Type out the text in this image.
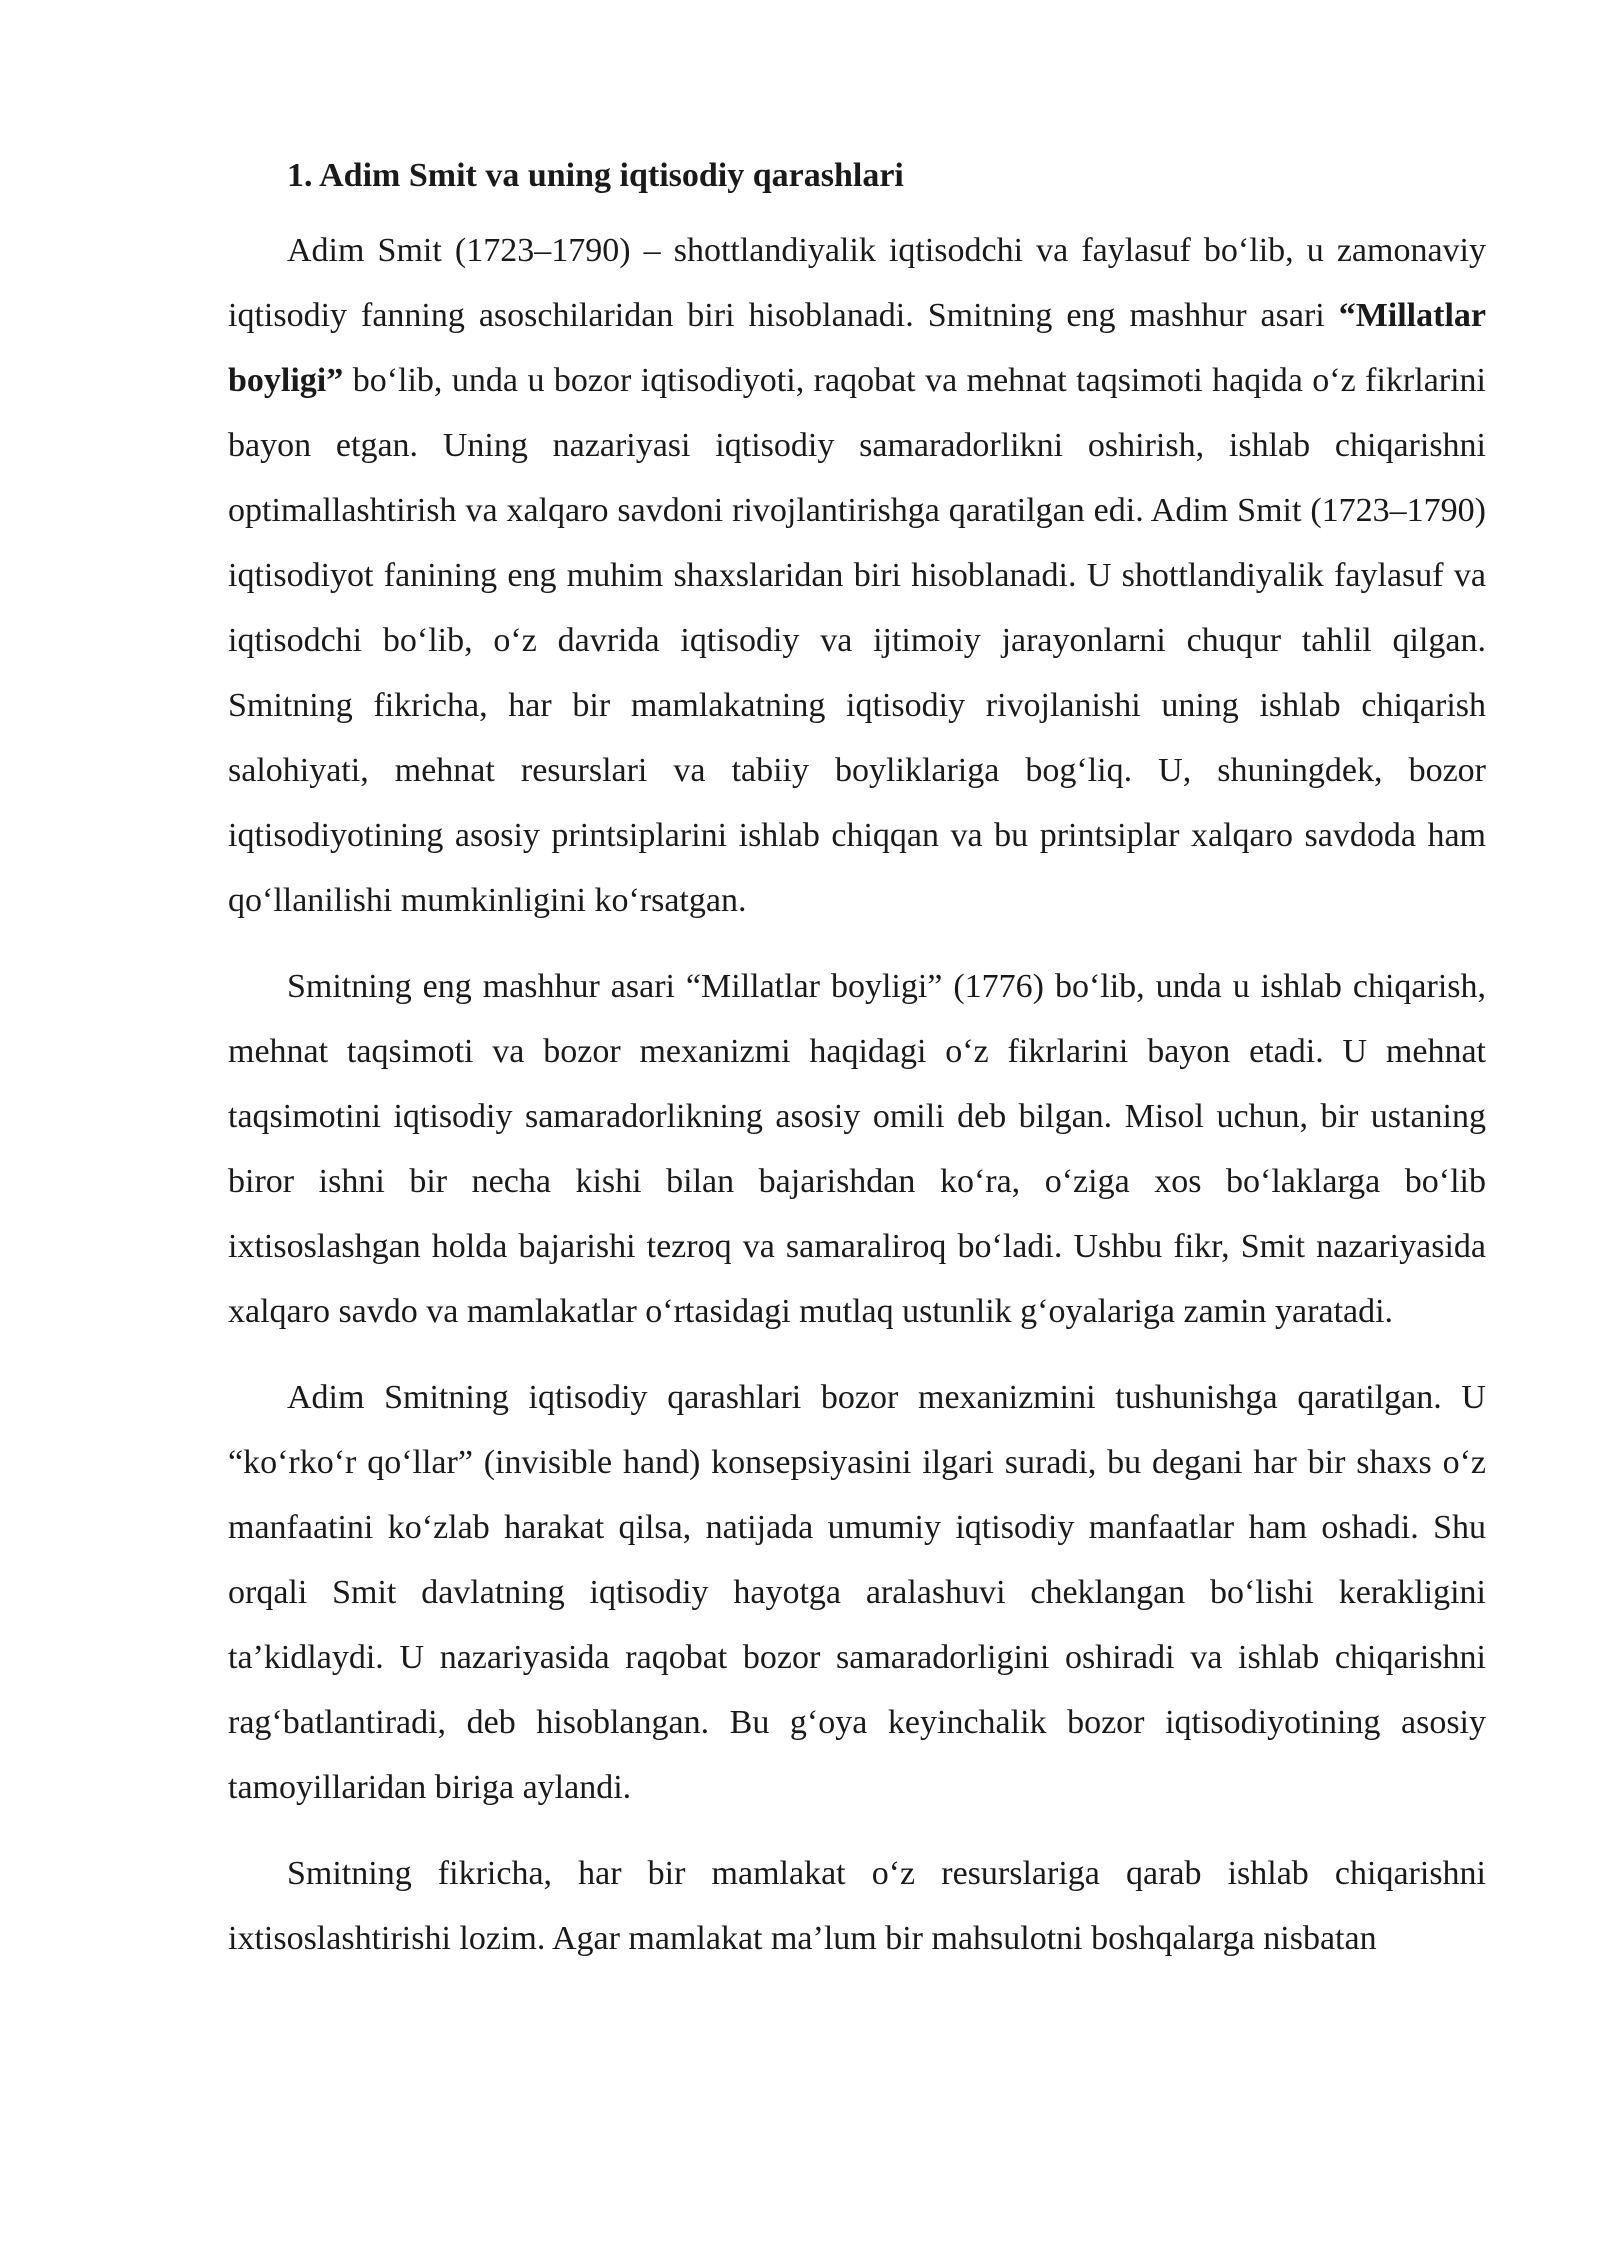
1. Adim Smit va uning iqtisodiy qarashlari

Adim Smit (1723–1790) – shottlandiyalik iqtisodchi va faylasuf bo‘lib, u zamonaviy iqtisodiy fanning asoschilaridan biri hisoblanadi. Smitning eng mashhur asari “Millatlar boyligi” bo‘lib, unda u bozor iqtisodiyoti, raqobat va mehnat taqsimoti haqida o‘z fikrlarini bayon etgan. Uning nazariyasi iqtisodiy samaradorlikni oshirish, ishlab chiqarishni optimallashtirish va xalqaro savdoni rivojlantirishga qaratilgan edi. Adim Smit (1723–1790) iqtisodiyot fanining eng muhim shaxslaridan biri hisoblanadi. U shottlandiyalik faylasuf va iqtisodchi bo‘lib, o‘z davrida iqtisodiy va ijtimoiy jarayonlarni chuqur tahlil qilgan. Smitning fikricha, har bir mamlakatning iqtisodiy rivojlanishi uning ishlab chiqarish salohiyati, mehnat resurslari va tabiiy boyliklariga bog‘liq. U, shuningdek, bozor iqtisodiyotining asosiy printsiplarini ishlab chiqqan va bu printsiplar xalqaro savdoda ham qo‘llanilishi mumkinligini ko‘rsatgan.

Smitning eng mashhur asari “Millatlar boyligi” (1776) bo‘lib, unda u ishlab chiqarish, mehnat taqsimoti va bozor mexanizmi haqidagi o‘z fikrlarini bayon etadi. U mehnat taqsimotini iqtisodiy samaradorlikning asosiy omili deb bilgan. Misol uchun, bir ustaning biror ishni bir necha kishi bilan bajarishdan ko‘ra, o‘ziga xos bo‘laklarga bo‘lib ixtisoslashgan holda bajarishi tezroq va samaraliroq bo‘ladi. Ushbu fikr, Smit nazariyasida xalqaro savdo va mamlakatlar o‘rtasidagi mutlaq ustunlik g‘oyalariga zamin yaratadi.

Adim Smitning iqtisodiy qarashlari bozor mexanizmini tushunishga qaratilgan. U “ko‘rko‘r qo‘llar” (invisible hand) konsepsiyasini ilgari suradi, bu degani har bir shaxs o‘z manfaatini ko‘zlab harakat qilsa, natijada umumiy iqtisodiy manfaatlar ham oshadi. Shu orqali Smit davlatning iqtisodiy hayotga aralashuvi cheklangan bo‘lishi kerakligini ta’kidlaydi. U nazariyasida raqobat bozor samaradorligini oshiradi va ishlab chiqarishni rag‘batlantiradi, deb hisoblangan. Bu g‘oya keyinchalik bozor iqtisodiyotining asosiy tamoyillaridan biriga aylandi.

Smitning fikricha, har bir mamlakat o‘z resurslariga qarab ishlab chiqarishni ixtisoslashtirishi lozim. Agar mamlakat ma’lum bir mahsulotni boshqalarga nisbatan
